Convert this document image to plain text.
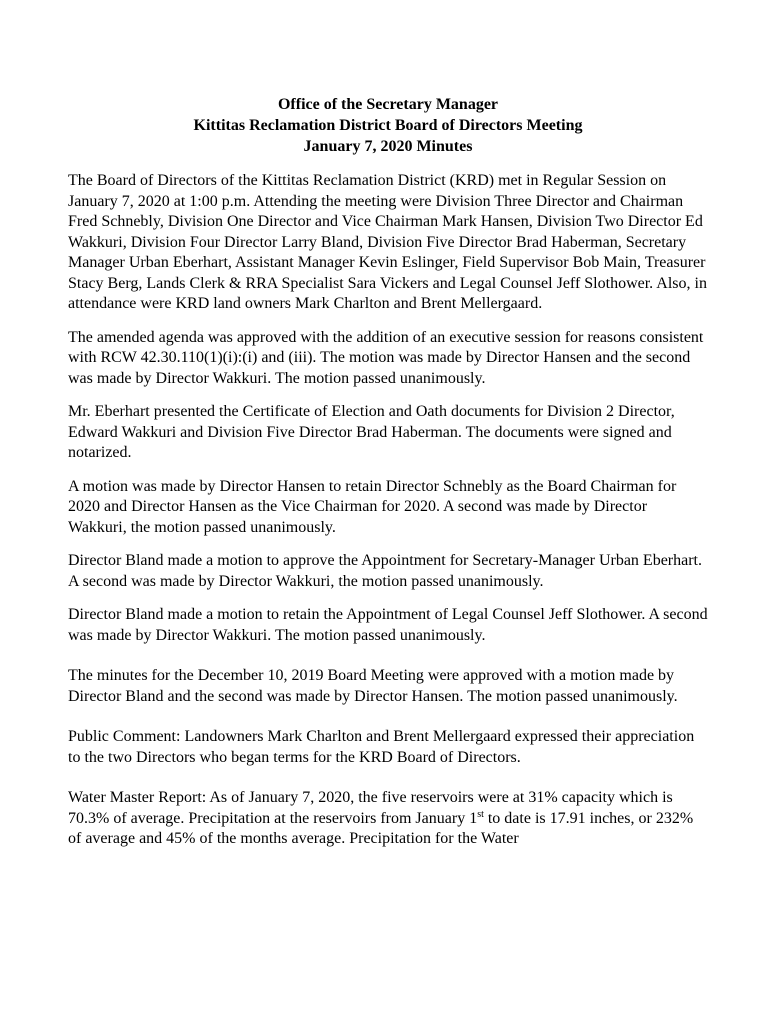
Office of the Secretary Manager
Kittitas Reclamation District Board of Directors Meeting
January 7, 2020 Minutes

The Board of Directors of the Kittitas Reclamation District (KRD) met in Regular Session on January 7, 2020 at 1:00 p.m. Attending the meeting were Division Three Director and Chairman Fred Schnebly, Division One Director and Vice Chairman Mark Hansen, Division Two Director Ed Wakkuri, Division Four Director Larry Bland, Division Five Director Brad Haberman, Secretary Manager Urban Eberhart, Assistant Manager Kevin Eslinger, Field Supervisor Bob Main, Treasurer Stacy Berg, Lands Clerk & RRA Specialist Sara Vickers and Legal Counsel Jeff Slothower. Also, in attendance were KRD land owners Mark Charlton and Brent Mellergaard.

The amended agenda was approved with the addition of an executive session for reasons consistent with RCW 42.30.110(1)(i):(i) and (iii). The motion was made by Director Hansen and the second was made by Director Wakkuri. The motion passed unanimously.

Mr. Eberhart presented the Certificate of Election and Oath documents for Division 2 Director, Edward Wakkuri and Division Five Director Brad Haberman. The documents were signed and notarized.

A motion was made by Director Hansen to retain Director Schnebly as the Board Chairman for 2020 and Director Hansen as the Vice Chairman for 2020. A second was made by Director Wakkuri, the motion passed unanimously.

Director Bland made a motion to approve the Appointment for Secretary-Manager Urban Eberhart. A second was made by Director Wakkuri, the motion passed unanimously.

Director Bland made a motion to retain the Appointment of Legal Counsel Jeff Slothower. A second was made by Director Wakkuri. The motion passed unanimously.

The minutes for the December 10, 2019 Board Meeting were approved with a motion made by Director Bland and the second was made by Director Hansen. The motion passed unanimously.

Public Comment: Landowners Mark Charlton and Brent Mellergaard expressed their appreciation to the two Directors who began terms for the KRD Board of Directors.

Water Master Report: As of January 7, 2020, the five reservoirs were at 31% capacity which is 70.3% of average. Precipitation at the reservoirs from January 1st to date is 17.91 inches, or 232% of average and 45% of the months average. Precipitation for the Water
